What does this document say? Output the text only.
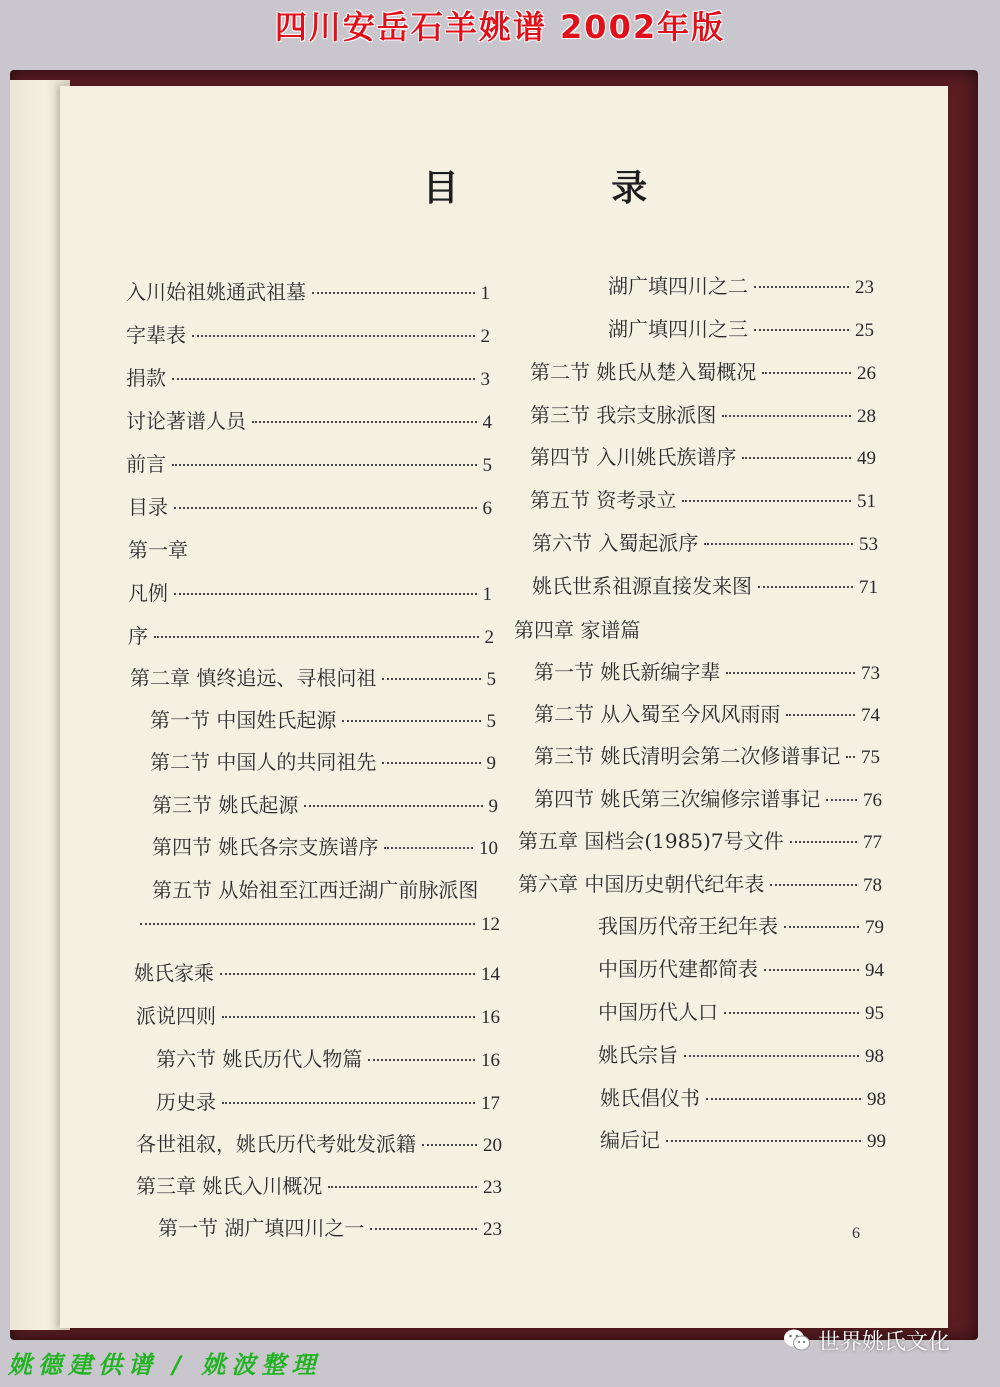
四川安岳石羊姚谱 2002年版
目 录
入川始祖姚通武祖墓	1
字辈表	2
捐款	3
讨论著谱人员	4
前言	5
目录	6
第一章
凡例	1
序	2
第二章 慎终追远、寻根问祖	5
第一节 中国姓氏起源	5
第二节 中国人的共同祖先	9
第三节 姚氏起源	9
第四节 姚氏各宗支族谱序	10
第五节 从始祖至江西迁湖广前脉派图
12
姚氏家乘	14
派说四则	16
第六节 姚氏历代人物篇	16
历史录	17
各世祖叙，姚氏历代考妣发派籍	20
第三章 姚氏入川概况	23
第一节 湖广填四川之一	23
湖广填四川之二	23
湖广填四川之三	25
第二节 姚氏从楚入蜀概况	26
第三节 我宗支脉派图	28
第四节 入川姚氏族谱序	49
第五节 资考录立	51
第六节 入蜀起派序	53
姚氏世系祖源直接发来图	71
第四章 家谱篇
第一节 姚氏新编字辈	73
第二节 从入蜀至今风风雨雨	74
第三节 姚氏清明会第二次修谱事记 75
第四节 姚氏第三次编修宗谱事记 76
第五章 国档会(1985)7号文件	77
第六章 中国历史朝代纪年表	78
我国历代帝王纪年表	79
中国历代建都简表	94
中国历代人口	95
姚氏宗旨	98
姚氏倡仪书	98
编后记	99
6
姚德建供谱 / 姚波整理
世界姚氏文化
